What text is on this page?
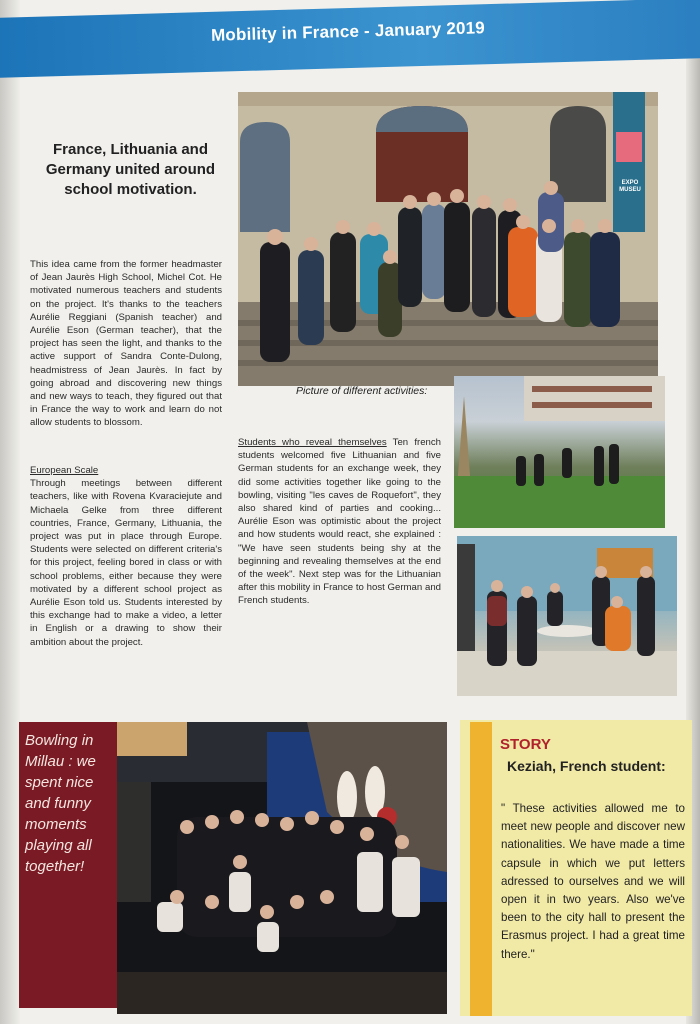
Mobility in France - January 2019
France, Lithuania and Germany united around school motivation.	EXPO MUSEU

This idea came from the former headmaster of Jean Jaurès High School, Michel Cot. He motivated numerous teachers and students on the project. It's thanks to the teachers Aurélie Reggiani (Spanish teacher) and Aurélie Eson (German teacher), that the project has seen the light, and thanks to the active support of Sandra Conte-Dulong, headmistress of Jean Jaurès. In fact by going abroad and discovering new things and new ways to teach, they figured out that in France the way to work and learn do not allow students to blossom.

European Scale

Through meetings between different teachers, like with Rovena Kvaraciejute and Michaela Gelke from three different countries, France, Germany, Lithuania, the project was put in place through Europe. Students were selected on different criteria's for this project, feeling bored in class or with school problems, either because they were motivated by a different school project as Aurélie Eson told us. Students interested by this exchange had to make a video, a letter in English or a drawing to show their ambition about the project.

Picture of different activities:

Students who reveal themselves Ten french students welcomed five Lithuanian and five German students for an exchange week, they did some activities together like going to the bowling, visiting "les caves de Roquefort", they also shared kind of parties and cooking... Aurélie Eson was optimistic about the project and how students would react, she explained : "We have seen students being shy at the beginning and revealing themselves at the end of the week". Next step was for the Lithuanian after this mobility in France to host German and French students.

Bowling in Millau : we spent nice and funny moments playing all together!
STORY
Keziah, French student:
" These activities allowed me to meet new people and discover new nationalities. We have made a time capsule in which we put letters adressed to ourselves and we will open it in two years. Also we've been to the city hall to present the Erasmus project. I had a great time there."
